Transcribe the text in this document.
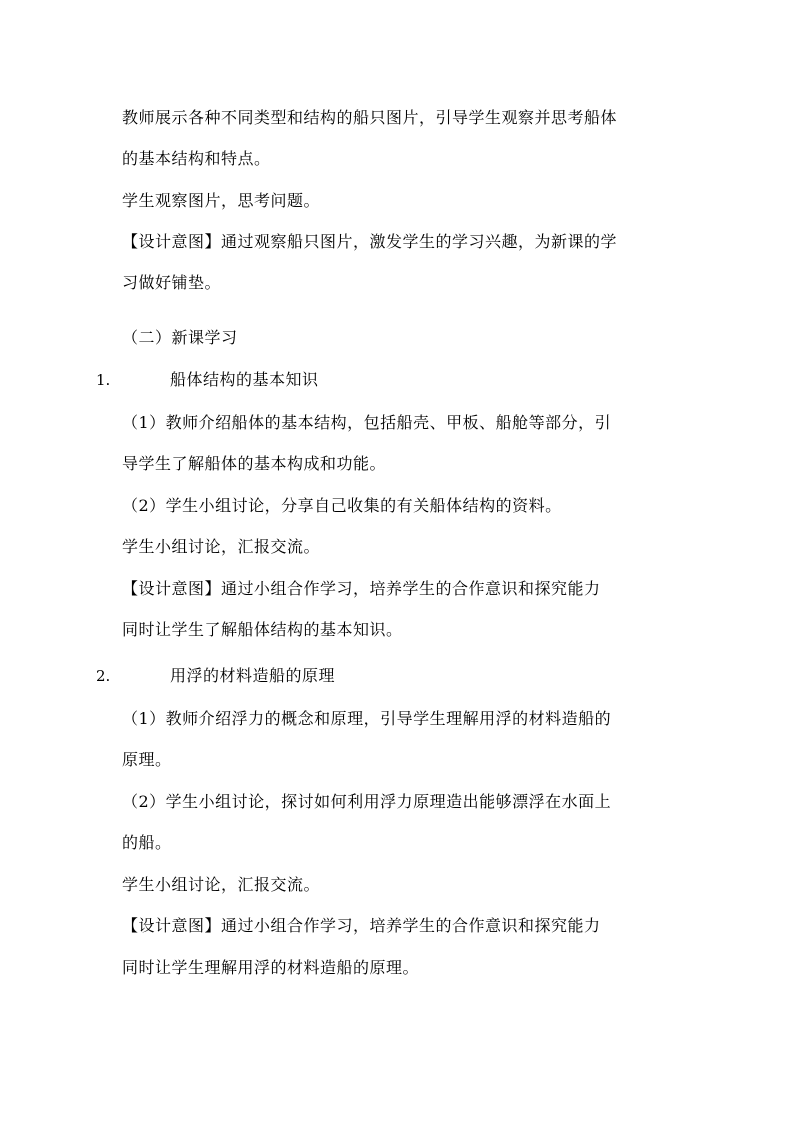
教师展示各种不同类型和结构的船只图片，引导学生观察并思考船体
的基本结构和特点。
学生观察图片，思考问题。
【设计意图】通过观察船只图片，激发学生的学习兴趣，为新课的学
习做好铺垫。
（二）新课学习
1.	船体结构的基本知识
（1）教师介绍船体的基本结构，包括船壳、甲板、船舱等部分，引
导学生了解船体的基本构成和功能。
（2）学生小组讨论，分享自己收集的有关船体结构的资料。
学生小组讨论，汇报交流。
【设计意图】通过小组合作学习，培养学生的合作意识和探究能力
同时让学生了解船体结构的基本知识。
2.	用浮的材料造船的原理
（1）教师介绍浮力的概念和原理，引导学生理解用浮的材料造船的
原理。
（2）学生小组讨论，探讨如何利用浮力原理造出能够漂浮在水面上
的船。
学生小组讨论，汇报交流。
【设计意图】通过小组合作学习，培养学生的合作意识和探究能力
同时让学生理解用浮的材料造船的原理。
